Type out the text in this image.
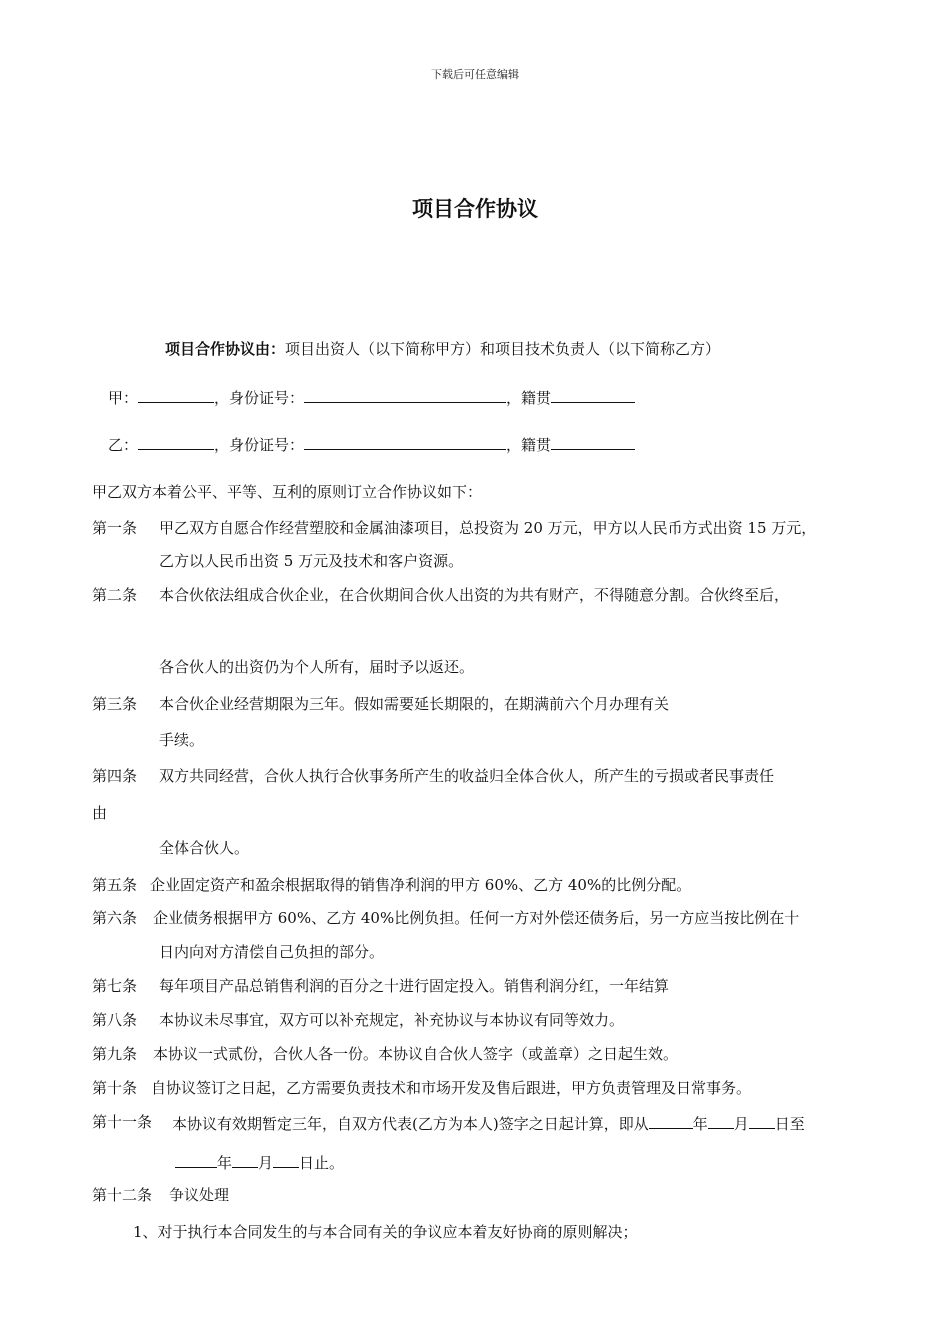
下载后可任意编辑
项目合作协议
项目合作协议由：项目出资人（以下简称甲方）和项目技术负责人（以下简称乙方）
甲：	，身份证号：	，籍贯
乙：	，身份证号：	，籍贯
甲乙双方本着公平、平等、互利的原则订立合作协议如下：
第一条 甲乙双方自愿合作经营塑胶和金属油漆项目，总投资为 20 万元，甲方以人民币方式出资 15 万元，
乙方以人民币出资 5 万元及技术和客户资源。
第二条 本合伙依法组成合伙企业，在合伙期间合伙人出资的为共有财产，不得随意分割。合伙终至后，
各合伙人的出资仍为个人所有，届时予以返还。
第三条 本合伙企业经营期限为三年。假如需要延长期限的，在期满前六个月办理有关
手续。
第四条 双方共同经营，合伙人执行合伙事务所产生的收益归全体合伙人，所产生的亏损或者民事责任
由
全体合伙人。
第五条 企业固定资产和盈余根据取得的销售净利润的甲方 60%、乙方 40%的比例分配。
第六条 企业债务根据甲方 60%、乙方 40%比例负担。任何一方对外偿还债务后，另一方应当按比例在十
日内向对方清偿自己负担的部分。
第七条 每年项目产品总销售利润的百分之十进行固定投入。销售利润分红，一年结算
第八条 本协议未尽事宜，双方可以补充规定，补充协议与本协议有同等效力。
第九条 本协议一式贰份，合伙人各一份。本协议自合伙人签字（或盖章）之日起生效。
第十条 自协议签订之日起，乙方需要负责技术和市场开发及售后跟进，甲方负责管理及日常事务。
第十一条 本协议有效期暂定三年，自双方代表(乙方为本人)签字之日起计算，即从	年 月 日至
年 月 日止。
第十二条 争议处理
1、对于执行本合同发生的与本合同有关的争议应本着友好协商的原则解决；
